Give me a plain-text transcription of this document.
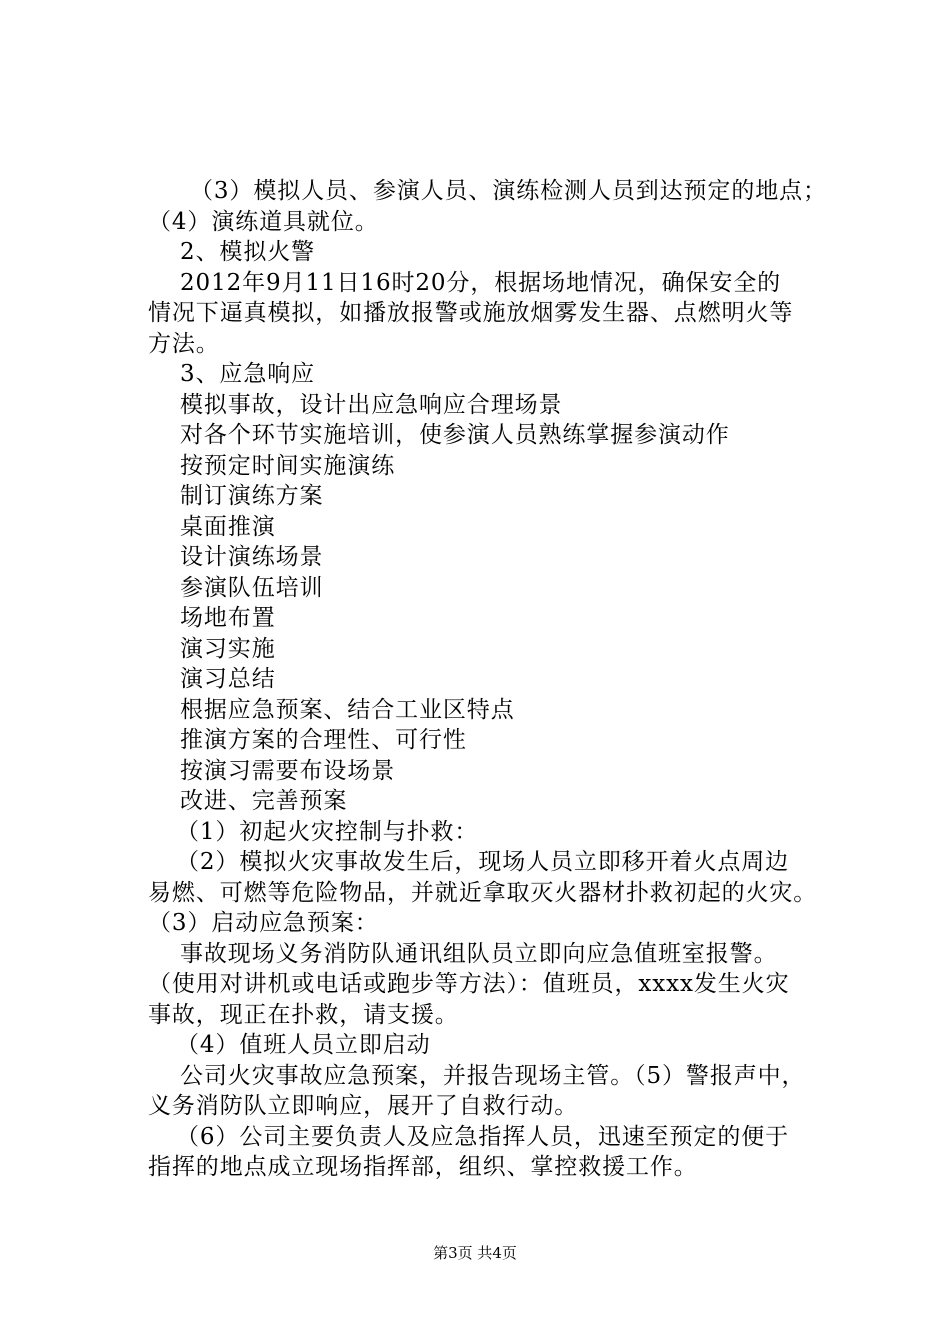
（3）模拟人员、参演人员、演练检测人员到达预定的地点；
（4）演练道具就位。
2、模拟火警
2012年9月11日16时20分，根据场地情况，确保安全的
情况下逼真模拟，如播放报警或施放烟雾发生器、点燃明火等
方法。
3、应急响应
模拟事故，设计出应急响应合理场景
对各个环节实施培训，使参演人员熟练掌握参演动作
按预定时间实施演练
制订演练方案
桌面推演
设计演练场景
参演队伍培训
场地布置
演习实施
演习总结
根据应急预案、结合工业区特点
推演方案的合理性、可行性
按演习需要布设场景
改进、完善预案
（1）初起火灾控制与扑救：
（2）模拟火灾事故发生后，现场人员立即移开着火点周边
易燃、可燃等危险物品，并就近拿取灭火器材扑救初起的火灾。
（3）启动应急预案：
事故现场义务消防队通讯组队员立即向应急值班室报警。
（使用对讲机或电话或跑步等方法）：值班员，xxxx发生火灾
事故，现正在扑救，请支援。
（4）值班人员立即启动
公司火灾事故应急预案，并报告现场主管。（5）警报声中，
义务消防队立即响应，展开了自救行动。
（6）公司主要负责人及应急指挥人员，迅速至预定的便于
指挥的地点成立现场指挥部，组织、掌控救援工作。
第3页 共4页
